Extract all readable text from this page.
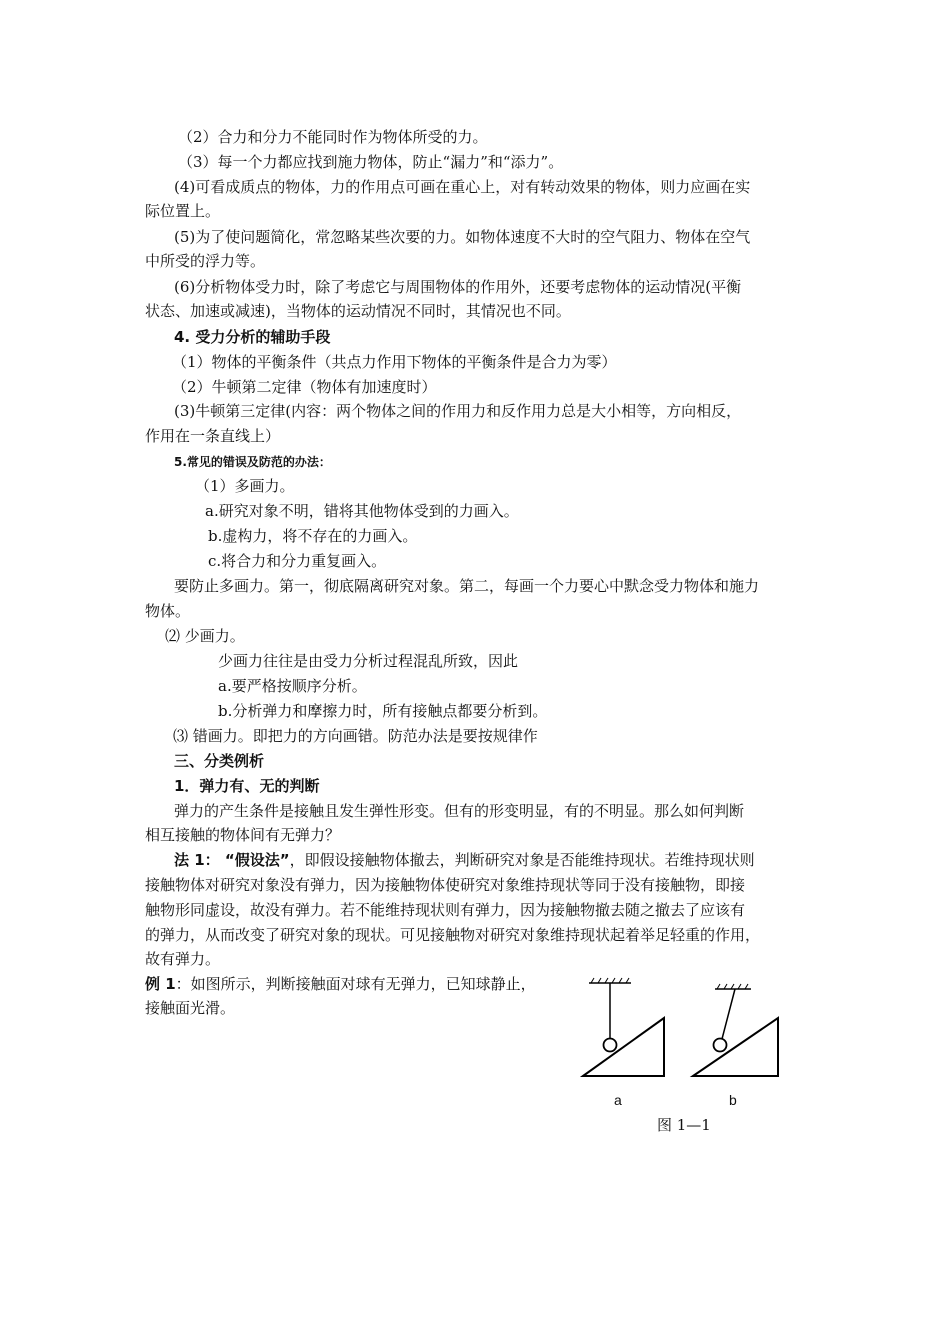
（2）合力和分力不能同时作为物体所受的力。
（3）每一个力都应找到施力物体，防止“漏力”和“添力”。
(4)可看成质点的物体，力的作用点可画在重心上，对有转动效果的物体，则力应画在实
际位置上。
(5)为了使问题简化，常忽略某些次要的力。如物体速度不大时的空气阻力、物体在空气
中所受的浮力等。
(6)分析物体受力时，除了考虑它与周围物体的作用外，还要考虑物体的运动情况(平衡
状态、加速或减速)，当物体的运动情况不同时，其情况也不同。
4. 受力分析的辅助手段
（1）物体的平衡条件（共点力作用下物体的平衡条件是合力为零）
（2）牛顿第二定律（物体有加速度时）
(3)牛顿第三定律(内容：两个物体之间的作用力和反作用力总是大小相等，方向相反，
作用在一条直线上）
5.常见的错误及防范的办法：
（1）多画力。
a.研究对象不明，错将其他物体受到的力画入。
b.虚构力，将不存在的力画入。
c.将合力和分力重复画入。
要防止多画力。第一，彻底隔离研究对象。第二，每画一个力要心中默念受力物体和施力
物体。
⑵ 少画力。
少画力往往是由受力分析过程混乱所致，因此
a.要严格按顺序分析。
b.分析弹力和摩擦力时，所有接触点都要分析到。
⑶ 错画力。即把力的方向画错。防范办法是要按规律作
三、分类例析
1．弹力有、无的判断
弹力的产生条件是接触且发生弹性形变。但有的形变明显，有的不明显。那么如何判断
相互接触的物体间有无弹力？
法 1： “假设法”，即假设接触物体撤去，判断研究对象是否能维持现状。若维持现状则
接触物体对研究对象没有弹力，因为接触物体使研究对象维持现状等同于没有接触物，即接
触物形同虚设，故没有弹力。若不能维持现状则有弹力，因为接触物撤去随之撤去了应该有
的弹力，从而改变了研究对象的现状。可见接触物对研究对象维持现状起着举足轻重的作用，
故有弹力。
例 1：如图所示，判断接触面对球有无弹力，已知球静止，
接触面光滑。
a	b
图 1—1
